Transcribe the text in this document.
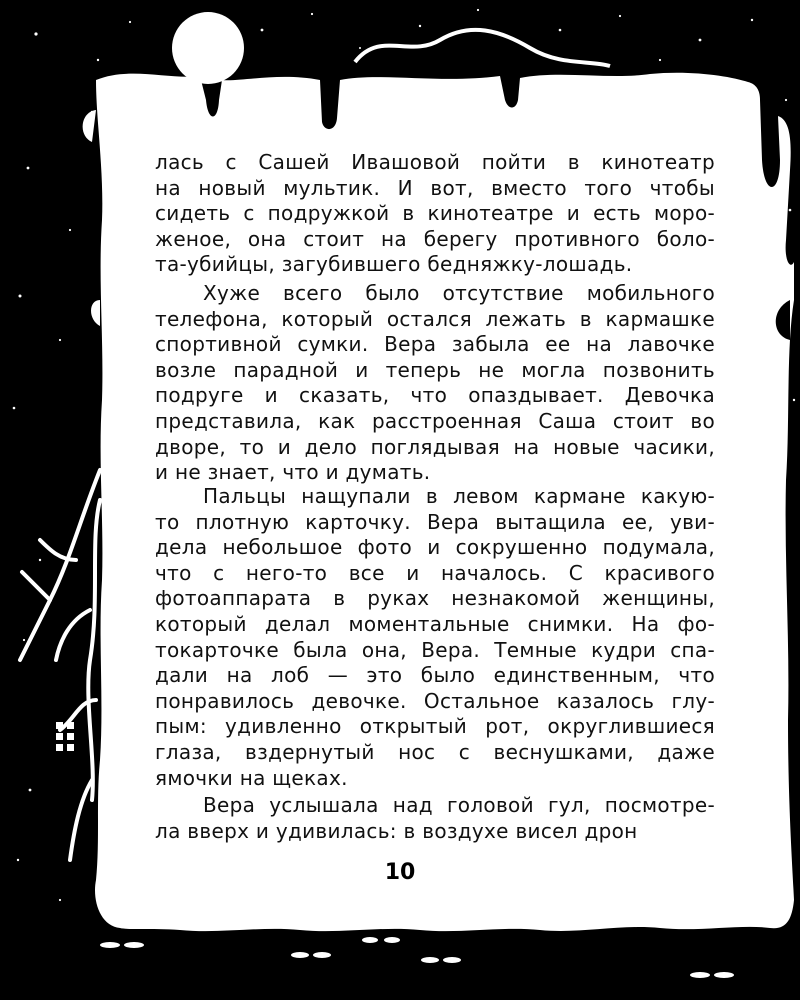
лась с Сашей Ивашовой пойти в кинотеатр
на новый мультик. И вот, вместо того чтобы
сидеть с подружкой в кинотеатре и есть моро-
женое, она стоит на берегу противного боло-
та-убийцы, загубившего бедняжку-лошадь.
Хуже всего было отсутствие мобильного
телефона, который остался лежать в кармашке
спортивной сумки. Вера забыла ее на лавочке
возле парадной и теперь не могла позвонить
подруге и сказать, что опаздывает. Девочка
представила, как расстроенная Саша стоит во
дворе, то и дело поглядывая на новые часики,
и не знает, что и думать.
Пальцы нащупали в левом кармане какую-
то плотную карточку. Вера вытащила ее, уви-
дела небольшое фото и сокрушенно подумала,
что с него-то все и началось. С красивого
фотоаппарата в руках незнакомой женщины,
который делал моментальные снимки. На фо-
токарточке была она, Вера. Темные кудри спа-
дали на лоб — это было единственным, что
понравилось девочке. Остальное казалось глу-
пым: удивленно открытый рот, округлившиеся
глаза, вздернутый нос с веснушками, даже
ямочки на щеках.
Вера услышала над головой гул, посмотре-
ла вверх и удивилась: в воздухе висел дрон
10
